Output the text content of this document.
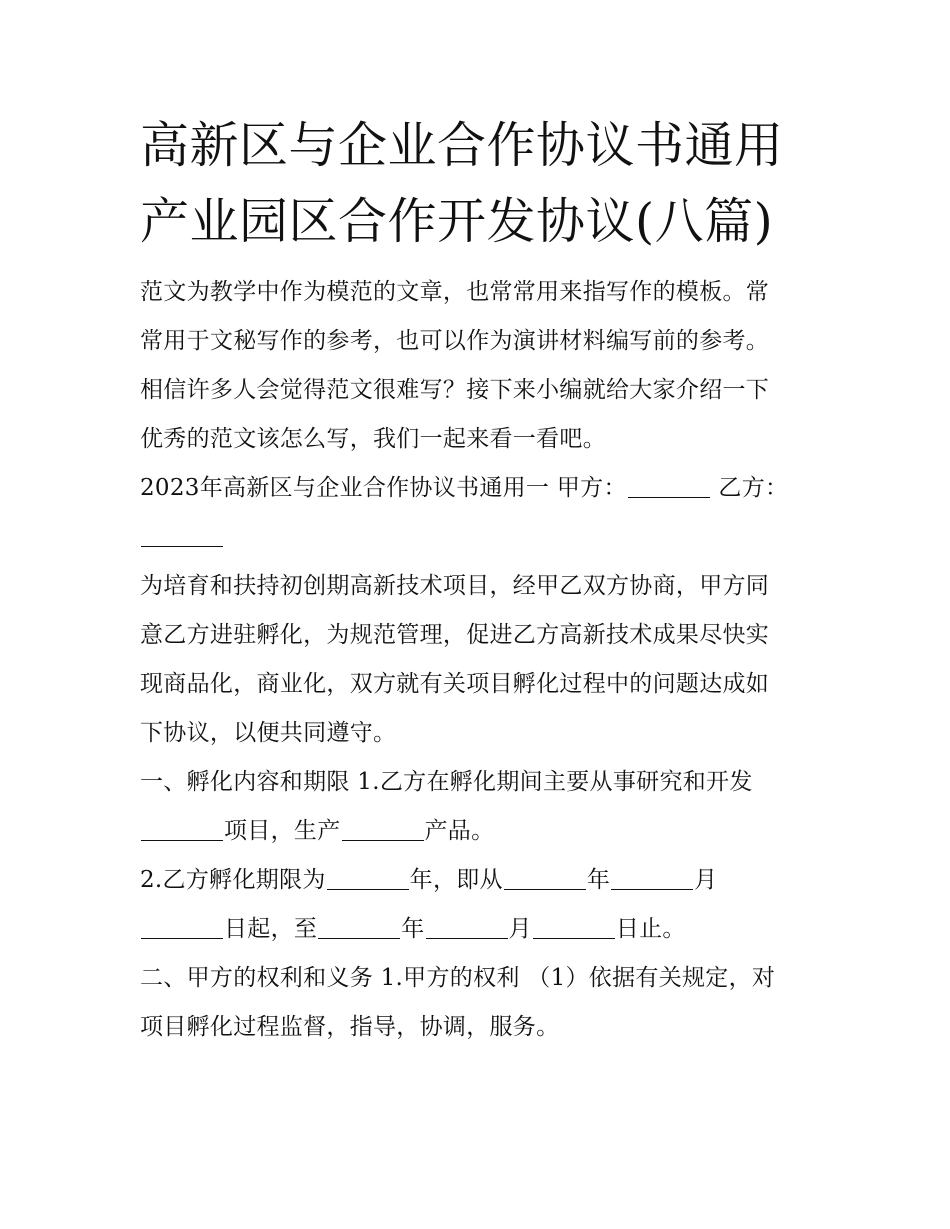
高新区与企业合作协议书通用
产业园区合作开发协议(八篇)

范文为教学中作为模范的文章，也常常用来指写作的模板。常
常用于文秘写作的参考，也可以作为演讲材料编写前的参考。
相信许多人会觉得范文很难写？接下来小编就给大家介绍一下
优秀的范文该怎么写，我们一起来看一看吧。

2023年高新区与企业合作协议书通用一 甲方：	乙方：

为培育和扶持初创期高新技术项目，经甲乙双方协商，甲方同
意乙方进驻孵化，为规范管理，促进乙方高新技术成果尽快实
现商品化，商业化，双方就有关项目孵化过程中的问题达成如
下协议，以便共同遵守。

一、孵化内容和期限 1.乙方在孵化期间主要从事研究和开发
项目，生产	产品。

2.乙方孵化期限为	年，即从	年	月
日起，至	年	月	日止。

二、甲方的权利和义务 1.甲方的权利 （1）依据有关规定，对
项目孵化过程监督，指导，协调，服务。
